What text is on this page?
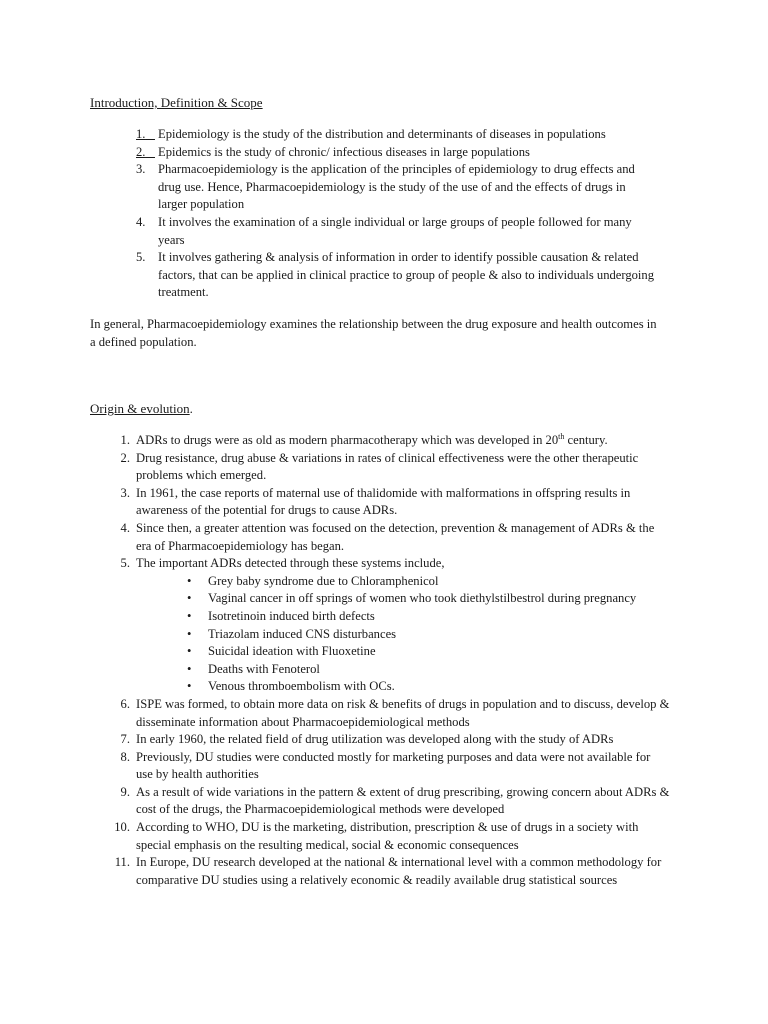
Introduction, Definition & Scope
1. Epidemiology is the study of the distribution and determinants of diseases in populations
2. Epidemics is the study of chronic/ infectious diseases in large populations
3. Pharmacoepidemiology is the application of the principles of epidemiology to drug effects and drug use. Hence, Pharmacoepidemiology is the study of the use of and the effects of drugs in larger population
4. It involves the examination of a single individual or large groups of people followed for many years
5. It involves gathering & analysis of information in order to identify possible causation & related factors, that can be applied in clinical practice to group of people & also to individuals undergoing treatment.
In general, Pharmacoepidemiology examines the relationship between the drug exposure and health outcomes in a defined population.
Origin & evolution.
1. ADRs to drugs were as old as modern pharmacotherapy which was developed in 20th century.
2. Drug resistance, drug abuse & variations in rates of clinical effectiveness were the other therapeutic problems which emerged.
3. In 1961, the case reports of maternal use of thalidomide with malformations in offspring results in awareness of the potential for drugs to cause ADRs.
4. Since then, a greater attention was focused on the detection, prevention & management of ADRs & the era of Pharmacoepidemiology has began.
5. The important ADRs detected through these systems include,
• Grey baby syndrome due to Chloramphenicol
• Vaginal cancer in off springs of women who took diethylstilbestrol during pregnancy
• Isotretinoin induced birth defects
• Triazolam induced CNS disturbances
• Suicidal ideation with Fluoxetine
• Deaths with Fenoterol
• Venous thromboembolism with OCs.
6. ISPE was formed, to obtain more data on risk & benefits of drugs in population and to discuss, develop & disseminate information about Pharmacoepidemiological methods
7. In early 1960, the related field of drug utilization was developed along with the study of ADRs
8. Previously, DU studies were conducted mostly for marketing purposes and data were not available for use by health authorities
9. As a result of wide variations in the pattern & extent of drug prescribing, growing concern about ADRs & cost of the drugs, the Pharmacoepidemiological methods were developed
10. According to WHO, DU is the marketing, distribution, prescription & use of drugs in a society with special emphasis on the resulting medical, social & economic consequences
11. In Europe, DU research developed at the national & international level with a common methodology for comparative DU studies using a relatively economic & readily available drug statistical sources
